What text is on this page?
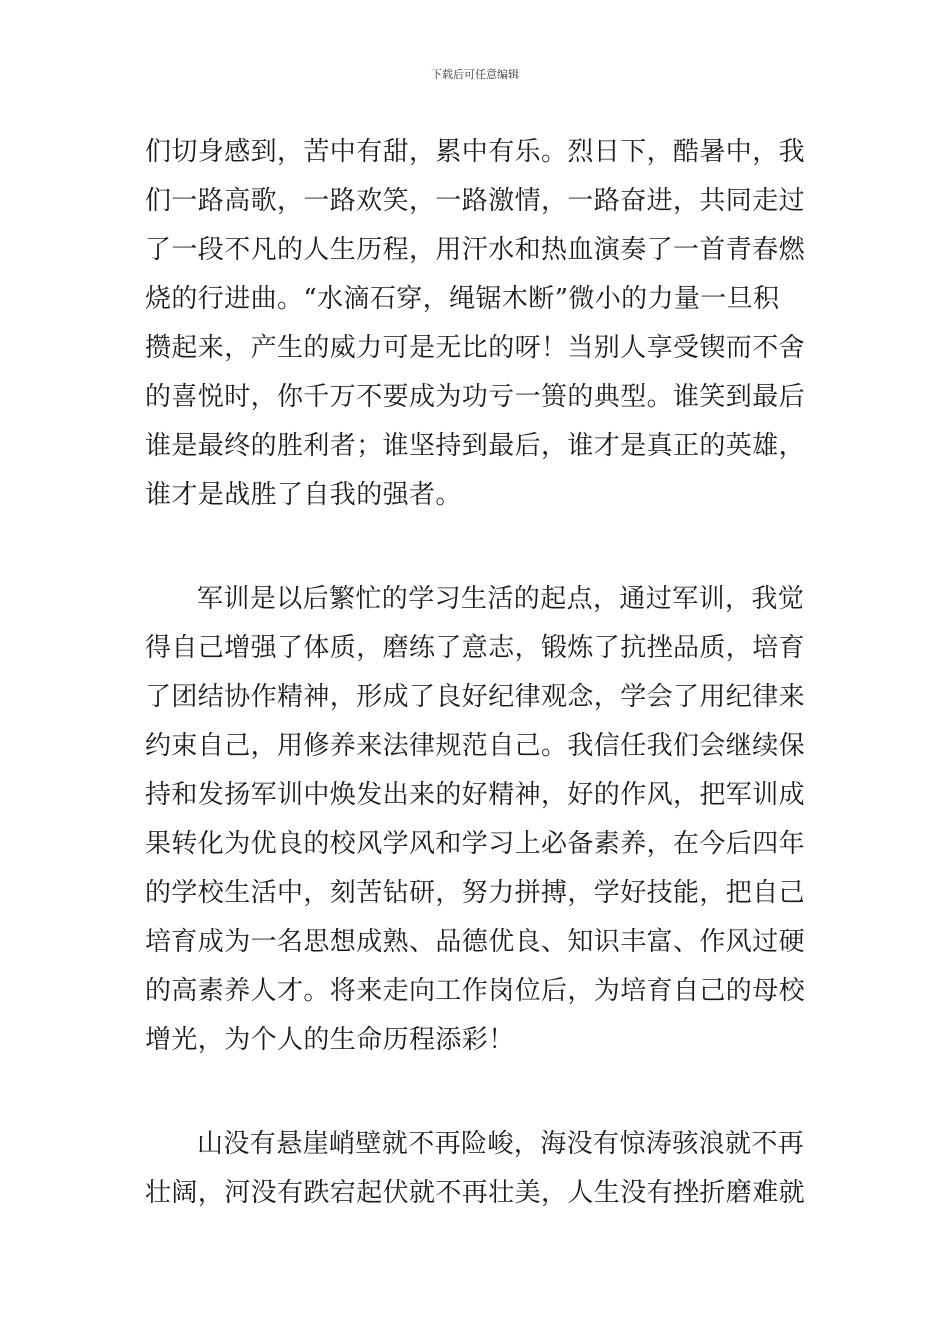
下载后可任意编辑
们切身感到，苦中有甜，累中有乐。烈日下，酷暑中，我
们一路高歌，一路欢笑，一路激情，一路奋进，共同走过
了一段不凡的人生历程，用汗水和热血演奏了一首青春燃
烧的行进曲。“水滴石穿，绳锯木断”微小的力量一旦积
攒起来，产生的威力可是无比的呀！当别人享受锲而不舍
的喜悦时，你千万不要成为功亏一篑的典型。谁笑到最后
谁是最终的胜利者；谁坚持到最后，谁才是真正的英雄，
谁才是战胜了自我的强者。
军训是以后繁忙的学习生活的起点，通过军训，我觉
得自己增强了体质，磨练了意志，锻炼了抗挫品质，培育
了团结协作精神，形成了良好纪律观念，学会了用纪律来
约束自己，用修养来法律规范自己。我信任我们会继续保
持和发扬军训中焕发出来的好精神，好的作风，把军训成
果转化为优良的校风学风和学习上必备素养，在今后四年
的学校生活中，刻苦钻研，努力拼搏，学好技能，把自己
培育成为一名思想成熟、品德优良、知识丰富、作风过硬
的高素养人才。将来走向工作岗位后，为培育自己的母校
增光，为个人的生命历程添彩！
山没有悬崖峭壁就不再险峻，海没有惊涛骇浪就不再
壮阔，河没有跌宕起伏就不再壮美，人生没有挫折磨难就
